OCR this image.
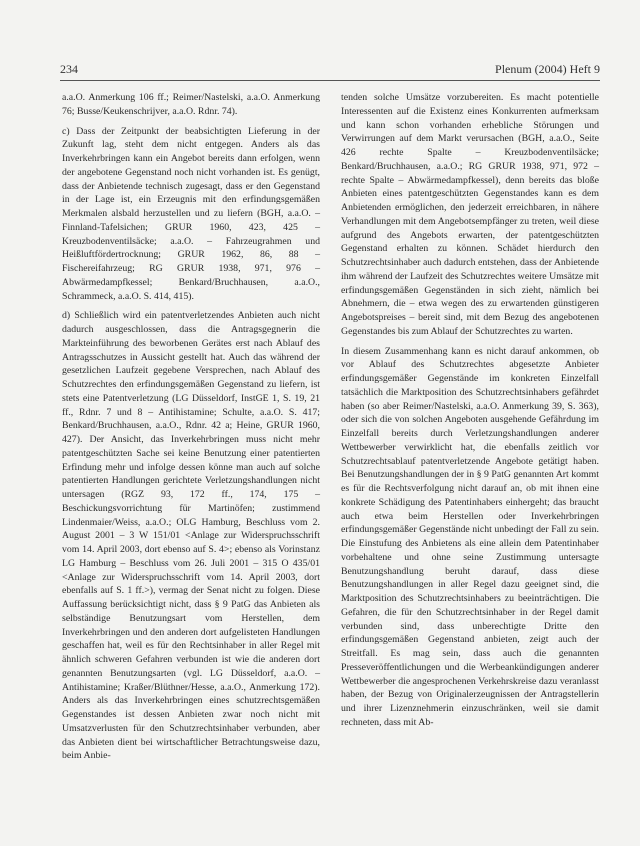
234	Plenum (2004) Heft 9

a.a.O. Anmerkung 106 ff.; Reimer/Nastelski, a.a.O. Anmerkung 76; Busse/Keukenschrijver, a.a.O. Rdnr. 74).

c) Dass der Zeitpunkt der beabsichtigten Lieferung in der Zukunft lag, steht dem nicht entgegen. Anders als das Inverkehrbringen kann ein Angebot bereits dann erfolgen, wenn der angebotene Gegenstand noch nicht vorhanden ist. Es genügt, dass der Anbietende technisch zugesagt, dass er den Gegenstand in der Lage ist, ein Erzeugnis mit den erfindungsgemäßen Merkmalen alsbald herzustellen und zu liefern (BGH, a.a.O. – Finnland-Tafelsichen; GRUR 1960, 423, 425 – Kreuzbodenventilsäcke; a.a.O. – Fahrzeugrahmen und Heißluftfördertrocknung; GRUR 1962, 86, 88 – Fischereifahrzeug; RG GRUR 1938, 971, 976 – Abwärmedampfkessel; Benkard/Bruchhausen, a.a.O., Schrammeck, a.a.O. S. 414, 415).

d) Schließlich wird ein patentverletzendes Anbieten auch nicht dadurch ausgeschlossen, dass die Antragsgegnerin die Markteinführung des beworbenen Gerätes erst nach Ablauf des Antragsschutzes in Aussicht gestellt hat. Auch das während der gesetzlichen Laufzeit gegebene Versprechen, nach Ablauf des Schutzrechtes den erfindungsgemäßen Gegenstand zu liefern, ist stets eine Patentverletzung (LG Düsseldorf, InstGE 1, S. 19, 21 ff., Rdnr. 7 und 8 – Antihistamine; Schulte, a.a.O. S. 417; Benkard/Bruchhausen, a.a.O., Rdnr. 42 a; Heine, GRUR 1960, 427). Der Ansicht, das Inverkehrbringen muss nicht mehr patentgeschützten Sache sei keine Benutzung einer patentierten Erfindung mehr und infolge dessen könne man auch auf solche patentierten Handlungen gerichtete Verletzungshandlungen nicht untersagen (RGZ 93, 172 ff., 174, 175 – Beschickungsvorrichtung für Martinöfen; zustimmend Lindenmaier/Weiss, a.a.O.; OLG Hamburg, Beschluss vom 2. August 2001 – 3 W 151/01 <Anlage zur Widerspruchsschrift vom 14. April 2003, dort ebenso auf S. 4>; ebenso als Vorinstanz LG Hamburg – Beschluss vom 26. Juli 2001 – 315 O 435/01 <Anlage zur Widerspruchsschrift vom 14. April 2003, dort ebenfalls auf S. 1 ff.>), vermag der Senat nicht zu folgen. Diese Auffassung berücksichtigt nicht, dass § 9 PatG das Anbieten als selbständige Benutzungsart vom Herstellen, dem Inverkehrbringen und den anderen dort aufgelisteten Handlungen geschaffen hat, weil es für den Rechtsinhaber in aller Regel mit ähnlich schweren Gefahren verbunden ist wie die anderen dort genannten Benutzungsarten (vgl. LG Düsseldorf, a.a.O. – Antihistamine; Kraßer/Blüthner/Hesse, a.a.O., Anmerkung 172). Anders als das Inverkehrbringen eines schutzrechtsgemäßen Gegenstandes ist dessen Anbieten zwar noch nicht mit Umsatzverlusten für den Schutzrechtsinhaber verbunden, aber das Anbieten dient bei wirtschaftlicher Betrachtungsweise dazu, beim Anbie-

tenden solche Umsätze vorzubereiten. Es macht potentielle Interessenten auf die Existenz eines Konkurrenten aufmerksam und kann schon vorhanden erhebliche Störungen und Verwirrungen auf dem Markt verursachen (BGH, a.a.O., Seite 426 rechte Spalte – Kreuzbodenventilsäcke; Benkard/Bruchhausen, a.a.O.; RG GRUR 1938, 971, 972 – rechte Spalte – Abwärmedampfkessel), denn bereits das bloße Anbieten eines patentgeschützten Gegenstandes kann es dem Anbietenden ermöglichen, den jederzeit erreichbaren, in nähere Verhandlungen mit dem Angebotsempfänger zu treten, weil diese aufgrund des Angebots erwarten, der patentgeschützten Gegenstand erhalten zu können. Schädet hierdurch den Schutzrechtsinhaber auch dadurch entstehen, dass der Anbietende ihm während der Laufzeit des Schutzrechtes weitere Umsätze mit erfindungsgemäßen Gegenständen in sich zieht, nämlich bei Abnehmern, die – etwa wegen des zu erwartenden günstigeren Angebotspreises – bereit sind, mit dem Bezug des angebotenen Gegenstandes bis zum Ablauf der Schutzrechtes zu warten.

In diesem Zusammenhang kann es nicht darauf ankommen, ob vor Ablauf des Schutzrechtes abgesetzte Anbieter erfindungsgemäßer Gegenstände im konkreten Einzelfall tatsächlich die Marktposition des Schutzrechtsinhabers gefährdet haben (so aber Reimer/Nastelski, a.a.O. Anmerkung 39, S. 363), oder sich die von solchen Angeboten ausgehende Gefährdung im Einzelfall bereits durch Verletzungshandlungen anderer Wettbewerber verwirklicht hat, die ebenfalls zeitlich vor Schutzrechtsablauf patentverletzende Angebote getätigt haben. Bei Benutzungshandlungen der in § 9 PatG genannten Art kommt es für die Rechtsverfolgung nicht darauf an, ob mit ihnen eine konkrete Schädigung des Patentinhabers einhergeht; das braucht auch etwa beim Herstellen oder Inverkehrbringen erfindungsgemäßer Gegenstände nicht unbedingt der Fall zu sein. Die Einstufung des Anbietens als eine allein dem Patentinhaber vorbehaltene und ohne seine Zustimmung untersagte Benutzungshandlung beruht darauf, dass diese Benutzungshandlungen in aller Regel dazu geeignet sind, die Marktposition des Schutzrechtsinhabers zu beeinträchtigen. Die Gefahren, die für den Schutzrechtsinhaber in der Regel damit verbunden sind, dass unberechtigte Dritte den erfindungsgemäßen Gegenstand anbieten, zeigt auch der Streitfall. Es mag sein, dass auch die genannten Presseveröffentlichungen und die Werbeankündigungen anderer Wettbewerber die angesprochenen Verkehrskreise dazu veranlasst haben, der Bezug von Originalerzeugnissen der Antragstellerin und ihrer Lizenznehmerin einzuschränken, weil sie damit rechneten, dass mit Ab-
